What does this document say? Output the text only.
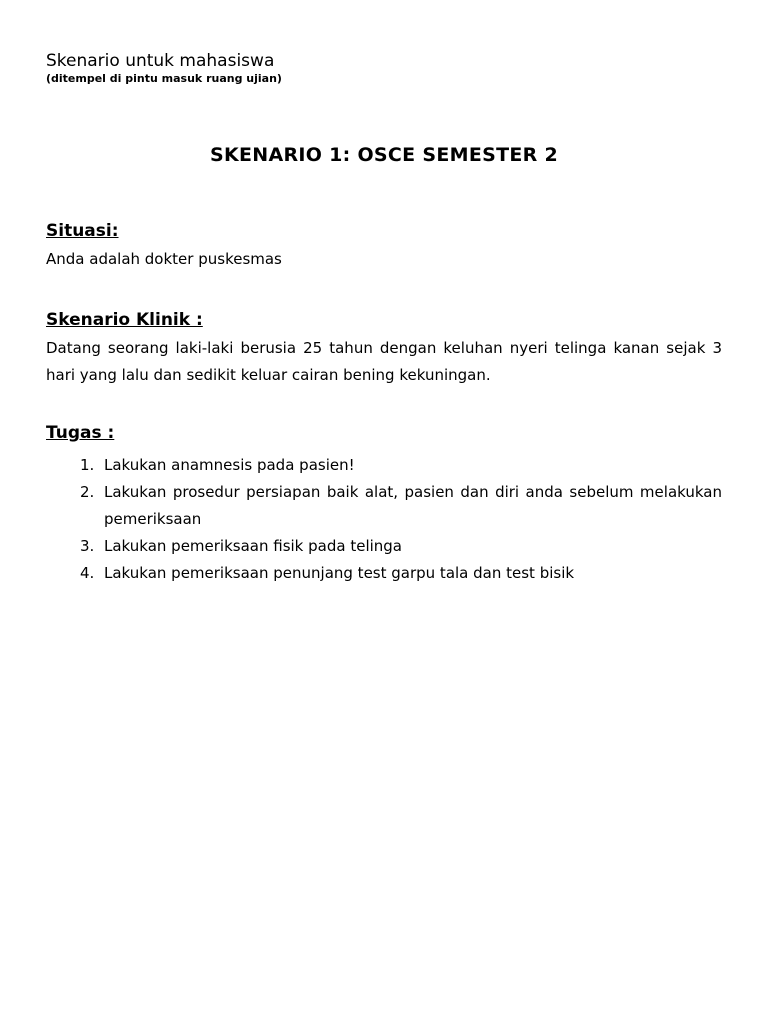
Skenario untuk mahasiswa

(ditempel di pintu masuk ruang ujian)

SKENARIO 1: OSCE SEMESTER 2
Situasi:

Anda adalah dokter puskesmas

Skenario Klinik :

Datang seorang laki-laki berusia 25 tahun dengan keluhan nyeri telinga kanan sejak 3 hari yang lalu dan sedikit keluar cairan bening kekuningan.

Tugas :
1. Lakukan anamnesis pada pasien!
2. Lakukan prosedur persiapan baik alat, pasien dan diri anda sebelum melakukan pemeriksaan
3. Lakukan pemeriksaan fisik pada telinga
4. Lakukan pemeriksaan penunjang test garpu tala dan test bisik
